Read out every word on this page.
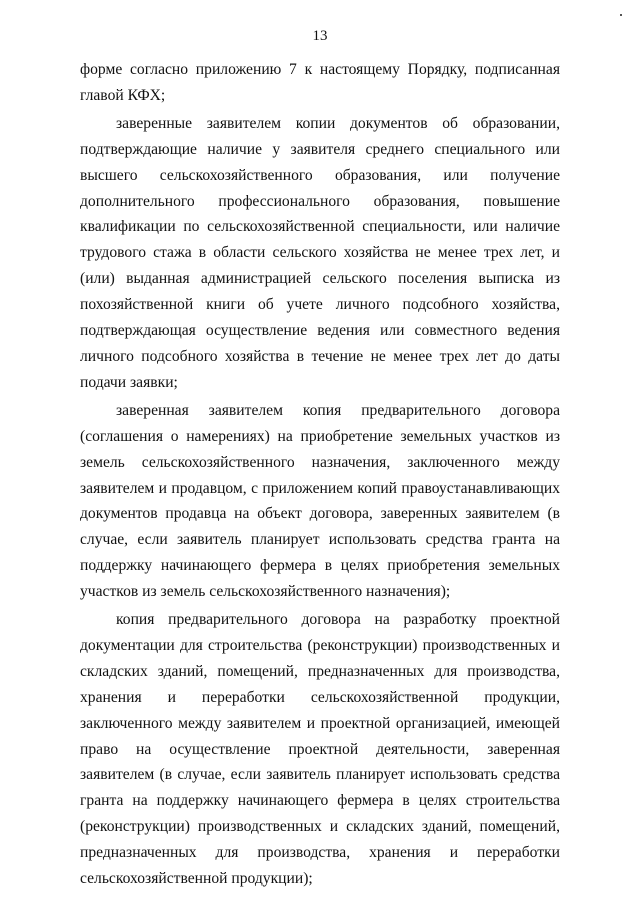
13

форме согласно приложению 7 к настоящему Порядку, подписанная главой КФХ;

заверенные заявителем копии документов об образовании, подтверждающие наличие у заявителя среднего специального или высшего сельскохозяйственного образования, или получение дополнительного профессионального образования, повышение квалификации по сельскохозяйственной специальности, или наличие трудового стажа в области сельского хозяйства не менее трех лет, и (или) выданная администрацией сельского поселения выписка из похозяйственной книги об учете личного подсобного хозяйства, подтверждающая осуществление ведения или совместного ведения личного подсобного хозяйства в течение не менее трех лет до даты подачи заявки;

заверенная заявителем копия предварительного договора (соглашения о намерениях) на приобретение земельных участков из земель сельскохозяйственного назначения, заключенного между заявителем и продавцом, с приложением копий правоустанавливающих документов продавца на объект договора, заверенных заявителем (в случае, если заявитель планирует использовать средства гранта на поддержку начинающего фермера в целях приобретения земельных участков из земель сельскохозяйственного назначения);

копия предварительного договора на разработку проектной документации для строительства (реконструкции) производственных и складских зданий, помещений, предназначенных для производства, хранения и переработки сельскохозяйственной продукции, заключенного между заявителем и проектной организацией, имеющей право на осуществление проектной деятельности, заверенная заявителем (в случае, если заявитель планирует использовать средства гранта на поддержку начинающего фермера в целях строительства (реконструкции) производственных и складских зданий, помещений, предназначенных для производства, хранения и переработки сельскохозяйственной продукции);
